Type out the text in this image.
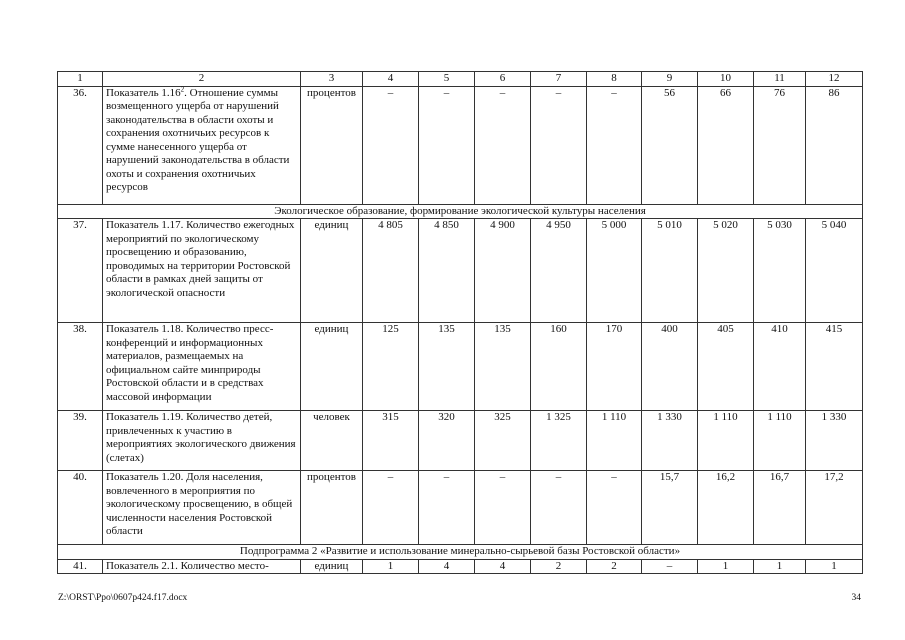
1	2	3	4	5	6	7	8	9	10	11	12
36.	Показатель 1.16$^2$. Отношение суммы возмещенного ущерба от нарушений законодательства в области охоты и сохранения охотничьих ресурсов к сумме нанесенного ущерба от нарушений законодательства в области охоты и сохранения охотничьих ресурсов	процентов	–	–	–	–	–	56	66	76	86
Экологическое образование, формирование экологической культуры населения											
37.	Показатель 1.17. Количество ежегодных мероприятий по экологическому просвещению и образованию, проводимых на территории Ростовской области в рамках дней защиты от экологической опасности	единиц	4 805	4 850	4 900	4 950	5 000	5 010	5 020	5 030	5 040
38.	Показатель 1.18. Количество пресс-конференций и информационных материалов, размещаемых на официальном сайте минприроды Ростовской области и в средствах массовой информации	единиц	125	135	135	160	170	400	405	410	415
39.	Показатель 1.19. Количество детей, привлеченных к участию в мероприятиях экологического движения (слетах)	человек	315	320	325	1 325	1 110	1 330	1 110	1 110	1 330
40.	Показатель 1.20. Доля населения, вовлеченного в мероприятия по экологическому просвещению, в общей численности населения Ростовской области	процентов	–	–	–	–	–	15,7	16,2	16,7	17,2
Подпрограмма 2 «Развитие и использование минерально-сырьевой базы Ростовской области»											
41.	Показатель 2.1. Количество место-	единиц	1	4	4	2	2	–	1	1	1
Z:\ORST\Ppo\0607p424.f17.docx	34
